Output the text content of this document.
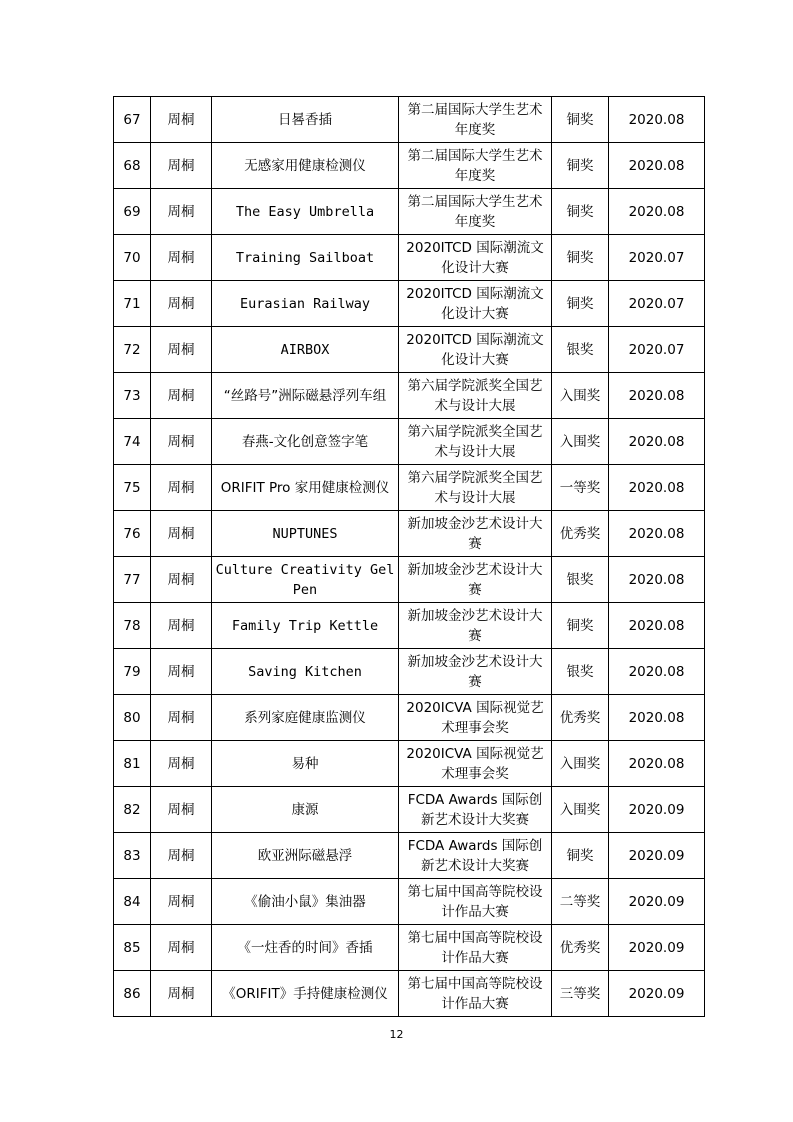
67	周桐	日晷香插	第二届国际大学生艺术年度奖	铜奖	2020.08
68	周桐	无感家用健康检测仪	第二届国际大学生艺术年度奖	铜奖	2020.08
69	周桐	The Easy Umbrella	第二届国际大学生艺术年度奖	铜奖	2020.08
70	周桐	Training Sailboat	2020ITCD 国际潮流文化设计大赛	铜奖	2020.07
71	周桐	Eurasian Railway	2020ITCD 国际潮流文化设计大赛	铜奖	2020.07
72	周桐	AIRBOX	2020ITCD 国际潮流文化设计大赛	银奖	2020.07
73	周桐	“丝路号”洲际磁悬浮列车组	第六届学院派奖全国艺术与设计大展	入围奖	2020.08
74	周桐	春燕-文化创意签字笔	第六届学院派奖全国艺术与设计大展	入围奖	2020.08
75	周桐	ORIFIT Pro 家用健康检测仪	第六届学院派奖全国艺术与设计大展	一等奖	2020.08
76	周桐	NUPTUNES	新加坡金沙艺术设计大赛	优秀奖	2020.08
77	周桐	Culture Creativity Gel Pen	新加坡金沙艺术设计大赛	银奖	2020.08
78	周桐	Family Trip Kettle	新加坡金沙艺术设计大赛	铜奖	2020.08
79	周桐	Saving Kitchen	新加坡金沙艺术设计大赛	银奖	2020.08
80	周桐	系列家庭健康监测仪	2020ICVA 国际视觉艺术理事会奖	优秀奖	2020.08
81	周桐	易种	2020ICVA 国际视觉艺术理事会奖	入围奖	2020.08
82	周桐	康源	FCDA Awards 国际创新艺术设计大奖赛	入围奖	2020.09
83	周桐	欧亚洲际磁悬浮	FCDA Awards 国际创新艺术设计大奖赛	铜奖	2020.09
84	周桐	《偷油小鼠》集油器	第七届中国高等院校设计作品大赛	二等奖	2020.09
85	周桐	《一炷香的时间》香插	第七届中国高等院校设计作品大赛	优秀奖	2020.09
86	周桐	《ORIFIT》手持健康检测仪	第七届中国高等院校设计作品大赛	三等奖	2020.09
12
